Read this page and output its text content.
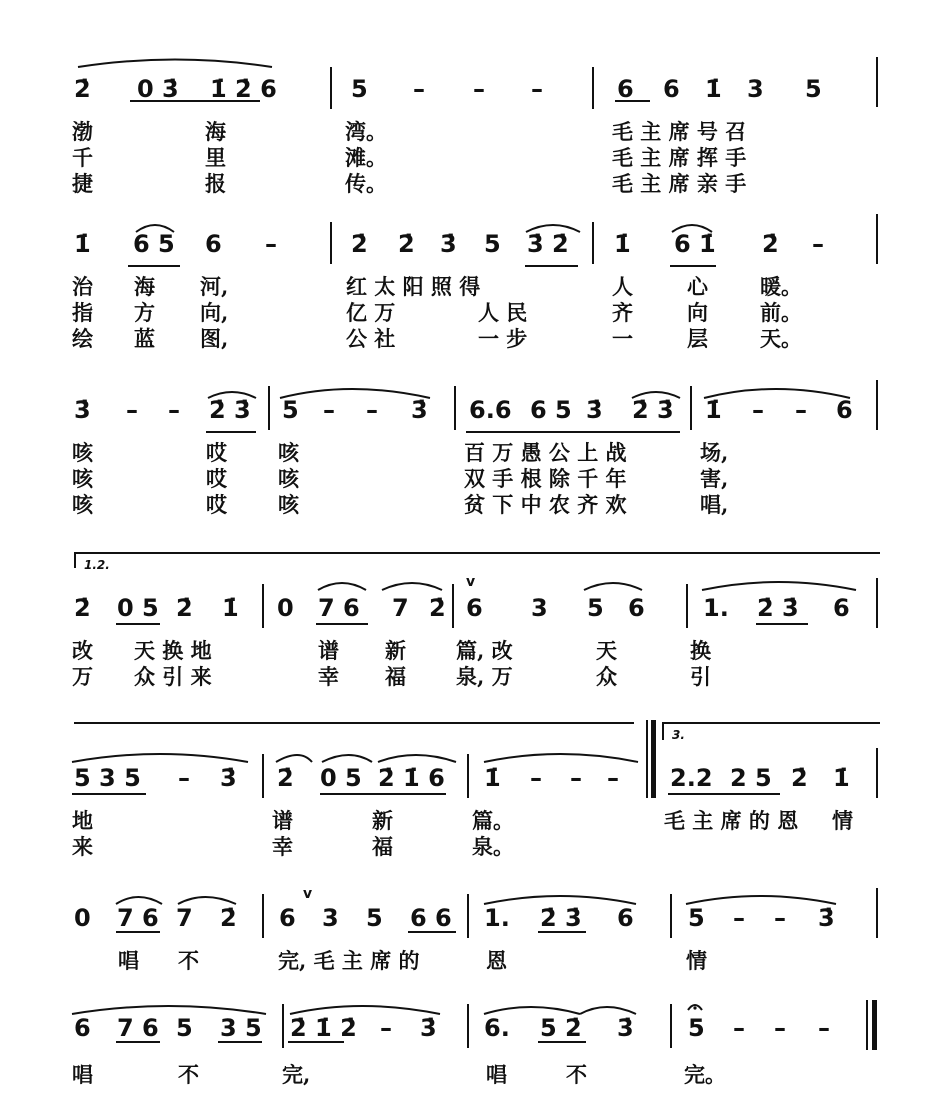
2̇ 0 3̇ 1̇ 2̇ 6	5 – – –	6 6 1̇ 3 5
渤	海	湾。	毛 主 席 号 召
千	里	滩。	毛 主 席 挥 手
捷	报	传。	毛 主 席 亲 手
1̇ 6 5 6 –	2̇ 2̇ 3̇ 5 3̇ 2̇ 1̇ 6 1̇ 2̇ –
治 海 河,	红 太 阳 照 得	人	心 暖。
指 方 向,	亿 万	人 民	齐	向 前。
绘 蓝 图,	公 社	一 步	一	层 天。
3̇ – – 2̇ 3̇ 5 – – 3̇ 6.6 6 5 3̇ 2̇ 3̇ 1̇ – – 6
咳	哎 咳	百 万 愚 公 上 战	场,
咳	哎 咳	双 手 根 除 千 年	害,
咳	哎 咳	贫 下 中 农 齐 欢	唱,
1.2.
2̇ 0 5 2̇ 1̇ 0 7 6 7 2̇ 6 3 5 6 1. 2̇ 3̇ 6
改 天 换 地	谱 新 篇, 改	天	换
万 众 引 来	幸 福 泉, 万	众	引
3.
5 3 5 – 3̇ 2̇ 0 5 2̇ 1̇ 6 1̇ – – – 2.2 2 5 2̇ 1̇
地	谱	新	篇。	毛 主 席 的 恩 情
来	幸	福	泉。
0 7 6 7 2̇ 6 3 5 6 6 1. 2̇ 3̇ 6 5 – – 3̇
唱 不	完, 毛 主 席 的	恩	情
6 7 6 5 3 5 2̇ 1̇ 2̇ – 3̇ 6. 5 2̇ 3̇ 5 – – –
唱	不	完,	唱	不	完。
v
v
